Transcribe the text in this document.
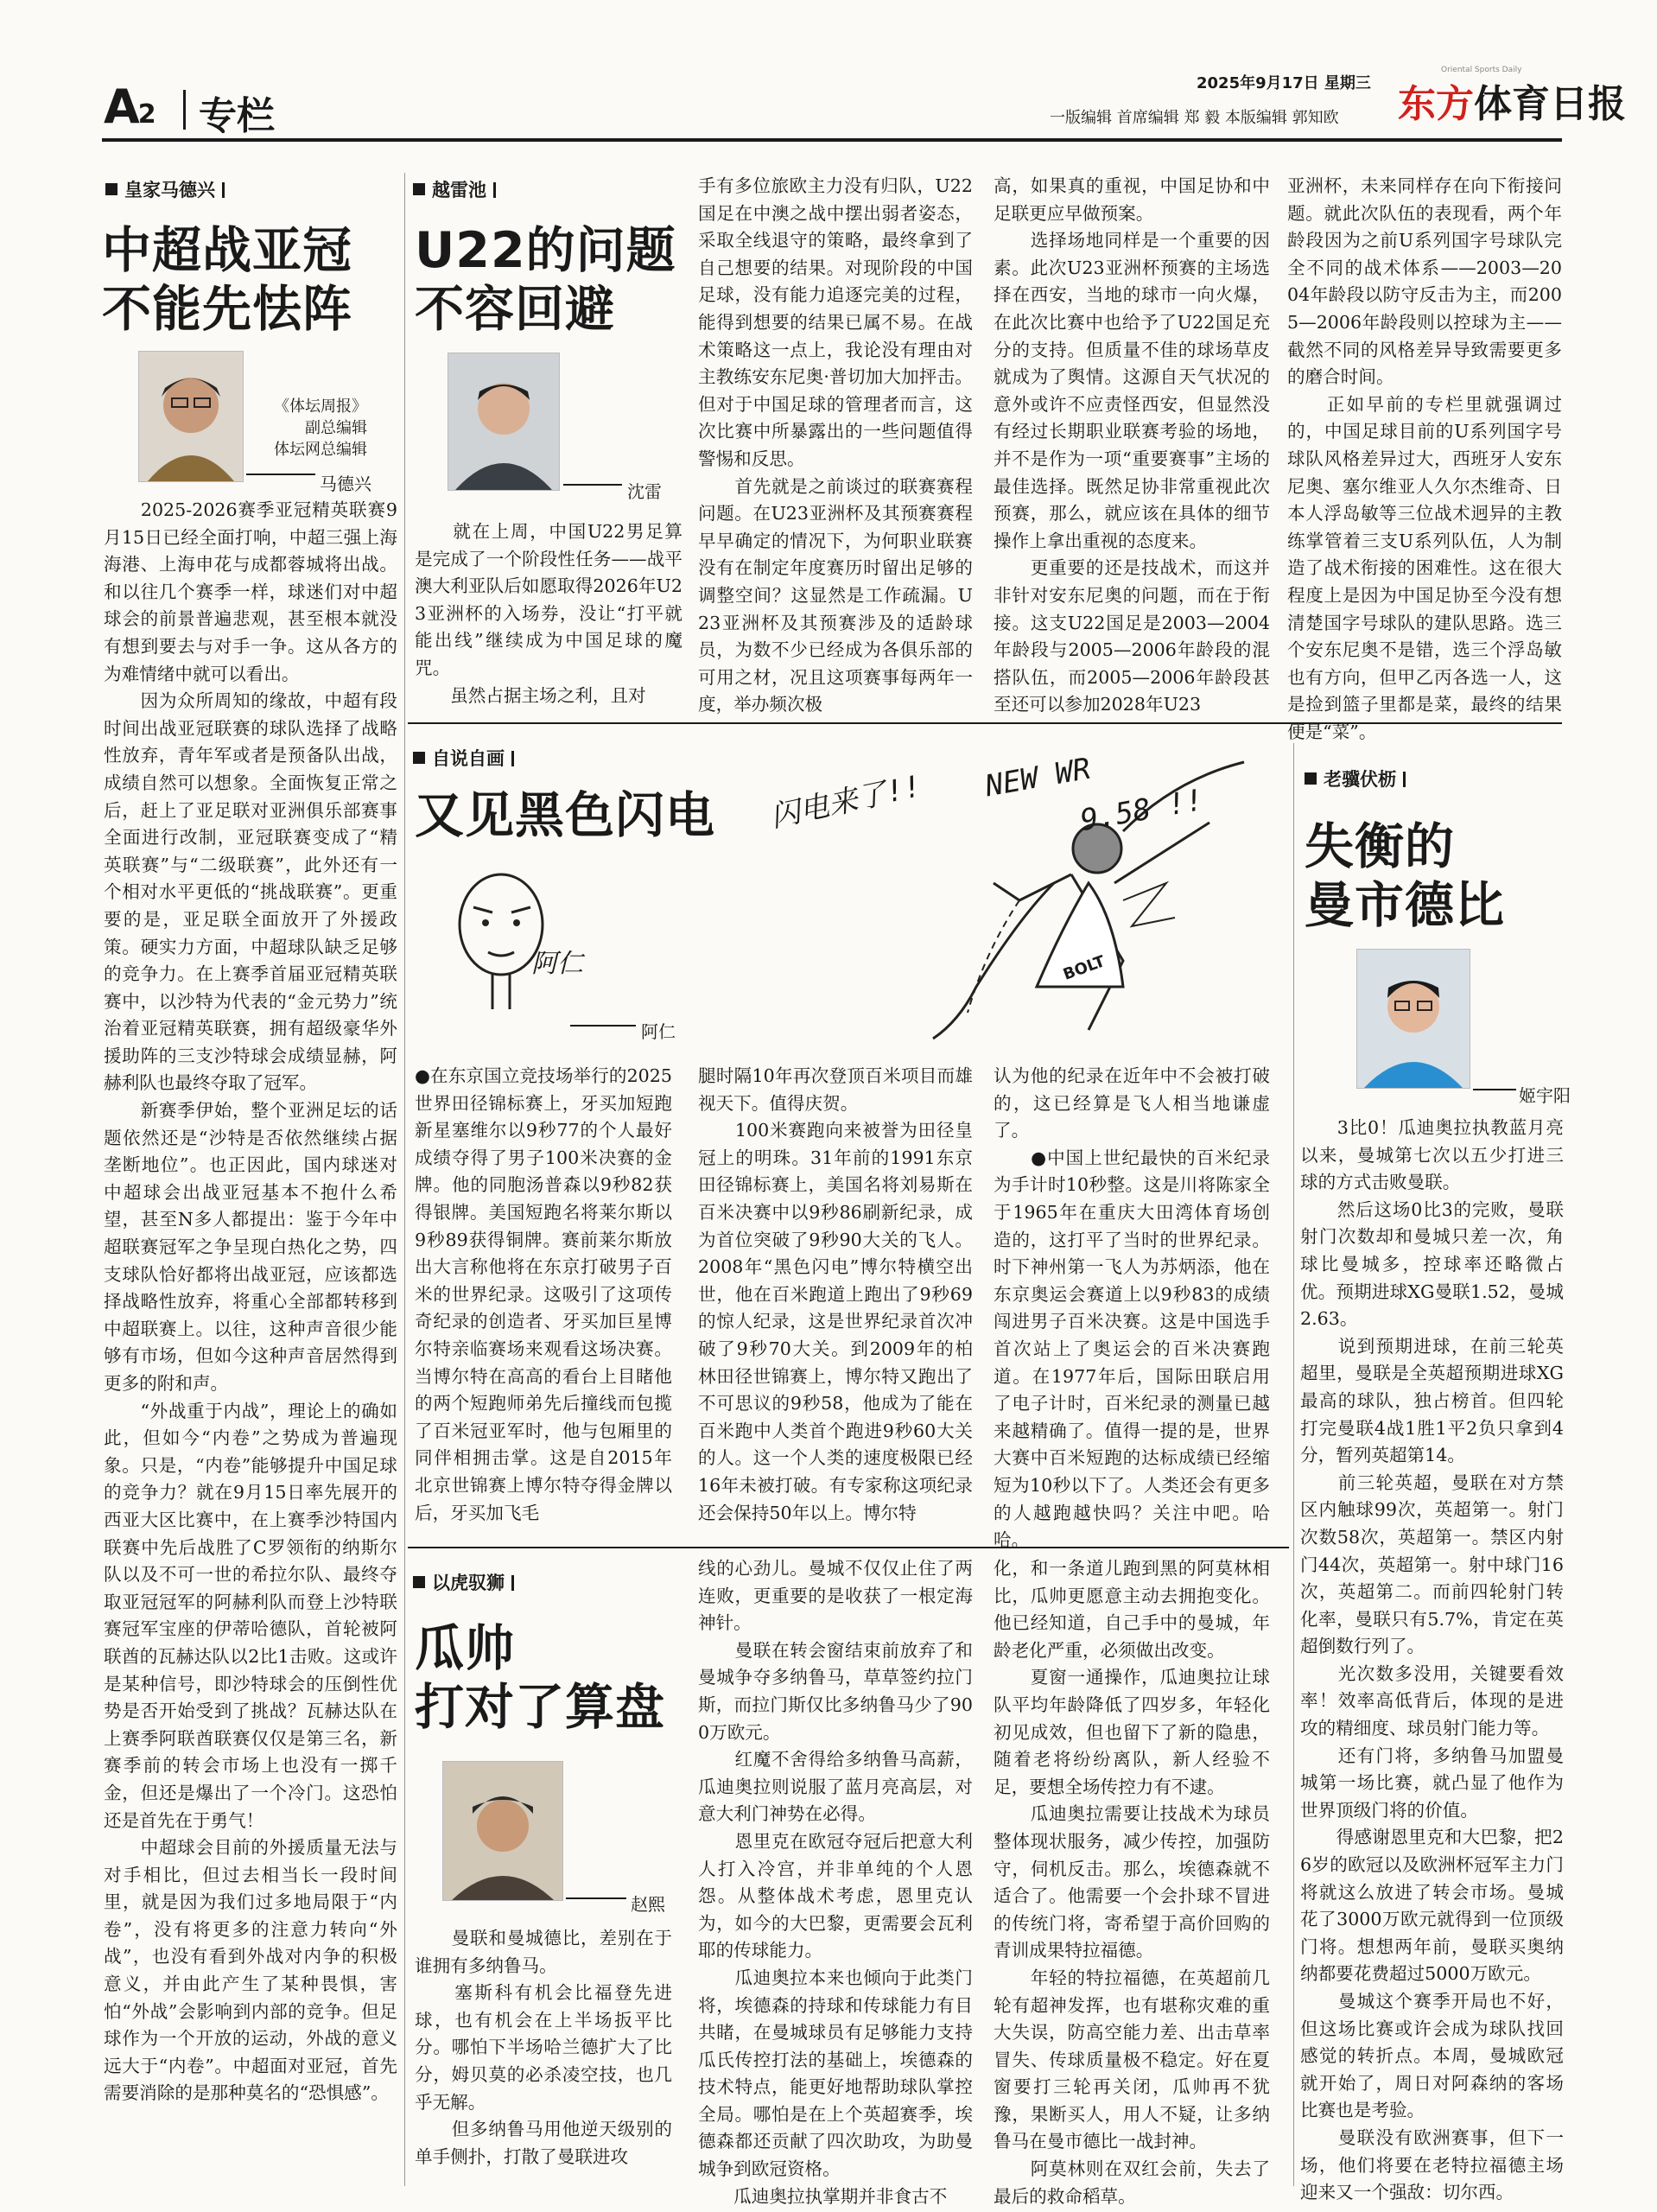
A2 专栏
2025年9月17日 星期三
一版编辑 首席编辑 郑 毅 本版编辑 郭知欧
Oriental Sports Daily
东方体育日报
皇家马德兴
中超战亚冠
不能先怯阵
《体坛周报》
副总编辑
体坛网总编辑
马德兴
　　2025-2026赛季亚冠精英联赛9月15日已经全面打响，中超三强上海海港、上海申花与成都蓉城将出战。和以往几个赛季一样，球迷们对中超球会的前景普遍悲观，甚至根本就没有想到要去与对手一争。这从各方的为难情绪中就可以看出。
　　因为众所周知的缘故，中超有段时间出战亚冠联赛的球队选择了战略性放弃，青年军或者是预备队出战，成绩自然可以想象。全面恢复正常之后，赶上了亚足联对亚洲俱乐部赛事全面进行改制，亚冠联赛变成了“精英联赛”与“二级联赛”，此外还有一个相对水平更低的“挑战联赛”。更重要的是，亚足联全面放开了外援政策。硬实力方面，中超球队缺乏足够的竞争力。在上赛季首届亚冠精英联赛中，以沙特为代表的“金元势力”统治着亚冠精英联赛，拥有超级豪华外援助阵的三支沙特球会成绩显赫，阿赫利队也最终夺取了冠军。
　　新赛季伊始，整个亚洲足坛的话题依然还是“沙特是否依然继续占据垄断地位”。也正因此，国内球迷对中超球会出战亚冠基本不抱什么希望，甚至N多人都提出：鉴于今年中超联赛冠军之争呈现白热化之势，四支球队恰好都将出战亚冠，应该都选择战略性放弃，将重心全部都转移到中超联赛上。以往，这种声音很少能够有市场，但如今这种声音居然得到更多的附和声。
　　“外战重于内战”，理论上的确如此，但如今“内卷”之势成为普遍现象。只是，“内卷”能够提升中国足球的竞争力？就在9月15日率先展开的西亚大区比赛中，在上赛季沙特国内联赛中先后战胜了C罗领衔的纳斯尔队以及不可一世的希拉尔队、最终夺取亚冠冠军的阿赫利队而登上沙特联赛冠军宝座的伊蒂哈德队，首轮被阿联酋的瓦赫达队以2比1击败。这或许是某种信号，即沙特球会的压倒性优势是否开始受到了挑战？瓦赫达队在上赛季阿联酋联赛仅仅是第三名，新赛季前的转会市场上也没有一掷千金，但还是爆出了一个冷门。这恐怕还是首先在于勇气！
　　中超球会目前的外援质量无法与对手相比，但过去相当长一段时间里，就是因为我们过多地局限于“内卷”，没有将更多的注意力转向“外战”，也没有看到外战对内争的积极意义，并由此产生了某种畏惧，害怕“外战”会影响到内部的竞争。但足球作为一个开放的运动，外战的意义远大于“内卷”。中超面对亚冠，首先需要消除的是那种莫名的“恐惧感”。
越雷池
U22的问题
不容回避
沈雷
　　就在上周，中国U22男足算是完成了一个阶段性任务——战平澳大利亚队后如愿取得2026年U23亚洲杯的入场券，没让“打平就能出线”继续成为中国足球的魔咒。
　　虽然占据主场之利，且对
手有多位旅欧主力没有归队，U22国足在中澳之战中摆出弱者姿态，采取全线退守的策略，最终拿到了自己想要的结果。对现阶段的中国足球，没有能力追逐完美的过程，能得到想要的结果已属不易。在战术策略这一点上，我论没有理由对主教练安东尼奥·普切加大加抨击。但对于中国足球的管理者而言，这次比赛中所暴露出的一些问题值得警惕和反思。
　　首先就是之前谈过的联赛赛程问题。在U23亚洲杯及其预赛赛程早早确定的情况下，为何职业联赛没有在制定年度赛历时留出足够的调整空间？这显然是工作疏漏。U23亚洲杯及其预赛涉及的适龄球员，为数不少已经成为各俱乐部的可用之材，况且这项赛事每两年一度，举办频次极
高，如果真的重视，中国足协和中足联更应早做预案。
　　选择场地同样是一个重要的因素。此次U23亚洲杯预赛的主场选择在西安，当地的球市一向火爆，在此次比赛中也给予了U22国足充分的支持。但质量不佳的球场草皮就成为了舆情。这源自天气状况的意外或许不应责怪西安，但显然没有经过长期职业联赛考验的场地，并不是作为一项“重要赛事”主场的最佳选择。既然足协非常重视此次预赛，那么，就应该在具体的细节操作上拿出重视的态度来。
　　更重要的还是技战术，而这并非针对安东尼奥的问题，而在于衔接。这支U22国足是2003—2004年龄段与2005—2006年龄段的混搭队伍，而2005—2006年龄段甚至还可以参加2028年U23
亚洲杯，未来同样存在向下衔接问题。就此次队伍的表现看，两个年龄段因为之前U系列国字号球队完全不同的战术体系——2003—2004年龄段以防守反击为主，而2005—2006年龄段则以控球为主——截然不同的风格差异导致需要更多的磨合时间。
　　正如早前的专栏里就强调过的，中国足球目前的U系列国字号球队风格差异过大，西班牙人安东尼奥、塞尔维亚人久尔杰维奇、日本人浮岛敏等三位战术迥异的主教练掌管着三支U系列队伍，人为制造了战术衔接的困难性。这在很大程度上是因为中国足协至今没有想清楚国字号球队的建队思路。选三个安东尼奥不是错，选三个浮岛敏也有方向，但甲乙丙各选一人，这是捡到篮子里都是菜，最终的结果便是“菜”。
自说自画
又见黑色闪电
阿仁
阿仁
闪电来了!! NEW WR
9.58 !!
BOLT
●在东京国立竞技场举行的2025世界田径锦标赛上，牙买加短跑新星塞维尔以9秒77的个人最好成绩夺得了男子100米决赛的金牌。他的同胞汤普森以9秒82获得银牌。美国短跑名将莱尔斯以9秒89获得铜牌。赛前莱尔斯放出大言称他将在东京打破男子百米的世界纪录。这吸引了这项传奇纪录的创造者、牙买加巨星博尔特亲临赛场来观看这场决赛。当博尔特在高高的看台上目睹他的两个短跑师弟先后撞线而包揽了百米冠亚军时，他与包厢里的同伴相拥击掌。这是自2015年北京世锦赛上博尔特夺得金牌以后，牙买加飞毛
腿时隔10年再次登顶百米项目而雄视天下。值得庆贺。
　　100米赛跑向来被誉为田径皇冠上的明珠。31年前的1991东京田径锦标赛上，美国名将刘易斯在百米决赛中以9秒86刷新纪录，成为首位突破了9秒90大关的飞人。2008年“黑色闪电”博尔特横空出世，他在百米跑道上跑出了9秒69的惊人纪录，这是世界纪录首次冲破了9秒70大关。到2009年的柏林田径世锦赛上，博尔特又跑出了不可思议的9秒58，他成为了能在百米跑中人类首个跑进9秒60大关的人。这一个人类的速度极限已经16年未被打破。有专家称这项纪录还会保持50年以上。博尔特
认为他的纪录在近年中不会被打破的，这已经算是飞人相当地谦虚了。
　　●中国上世纪最快的百米纪录为手计时10秒整。这是川将陈家全于1965年在重庆大田湾体育场创造的，这打平了当时的世界纪录。时下神州第一飞人为苏炳添，他在东京奥运会赛道上以9秒83的成绩闯进男子百米决赛。这是中国选手首次站上了奥运会的百米决赛跑道。在1977年后，国际田联启用了电子计时，百米纪录的测量已越来越精确了。值得一提的是，世界大赛中百米短跑的达标成绩已经缩短为10秒以下了。人类还会有更多的人越跑越快吗？关注中吧。哈哈。
老骥伏枥
失衡的
曼市德比
姬宇阳
　　3比0！瓜迪奥拉执教蓝月亮以来，曼城第七次以五少打进三球的方式击败曼联。
　　然后这场0比3的完败，曼联射门次数却和曼城只差一次，角球比曼城多，控球率还略微占优。预期进球XG曼联1.52，曼城2.63。
　　说到预期进球，在前三轮英超里，曼联是全英超预期进球XG最高的球队，独占榜首。但四轮打完曼联4战1胜1平2负只拿到4分，暂列英超第14。
　　前三轮英超，曼联在对方禁区内触球99次，英超第一。射门次数58次，英超第一。禁区内射门44次，英超第一。射中球门16次，英超第二。而前四轮射门转化率，曼联只有5.7%，肯定在英超倒数行列了。
　　光次数多没用，关键要看效率！效率高低背后，体现的是进攻的精细度、球员射门能力等。
　　还有门将，多纳鲁马加盟曼城第一场比赛，就凸显了他作为世界顶级门将的价值。
　　得感谢恩里克和大巴黎，把26岁的欧冠以及欧洲杯冠军主力门将就这么放进了转会市场。曼城花了3000万欧元就得到一位顶级门将。想想两年前，曼联买奥纳纳都要花费超过5000万欧元。
　　曼城这个赛季开局也不好，但这场比赛或许会成为球队找回感觉的转折点。本周，曼城欧冠就开始了，周日对阿森纳的客场比赛也是考验。
　　曼联没有欧洲赛事，但下一场，他们将要在老特拉福德主场迎来又一个强敌：切尔西。
以虎驭狮
瓜帅
打对了算盘
赵熙
　　曼联和曼城德比，差别在于谁拥有多纳鲁马。
　　塞斯科有机会比福登先进球，也有机会在上半场扳平比分。哪怕下半场哈兰德扩大了比分，姆贝莫的必杀凌空技，也几乎无解。
　　但多纳鲁马用他逆天级别的单手侧扑，打散了曼联进攻
线的心劲儿。曼城不仅仅止住了两连败，更重要的是收获了一根定海神针。
　　曼联在转会窗结束前放弃了和曼城争夺多纳鲁马，草草签约拉门斯，而拉门斯仅比多纳鲁马少了900万欧元。
　　红魔不舍得给多纳鲁马高薪，瓜迪奥拉则说服了蓝月亮高层，对意大利门神势在必得。
　　恩里克在欧冠夺冠后把意大利人打入冷宫，并非单纯的个人恩怨。从整体战术考虑，恩里克认为，如今的大巴黎，更需要会瓦利耶的传球能力。
　　瓜迪奥拉本来也倾向于此类门将，埃德森的持球和传球能力有目共睹，在曼城球员有足够能力支持瓜氏传控打法的基础上，埃德森的技术特点，能更好地帮助球队掌控全局。哪怕是在上个英超赛季，埃德森都还贡献了四次助攻，为助曼城争到欧冠资格。
　　瓜迪奥拉执掌期并非食古不
化，和一条道儿跑到黑的阿莫林相比，瓜帅更愿意主动去拥抱变化。他已经知道，自己手中的曼城，年龄老化严重，必须做出改变。
　　夏窗一通操作，瓜迪奥拉让球队平均年龄降低了四岁多，年轻化初见成效，但也留下了新的隐患，随着老将纷纷离队，新人经验不足，要想全场传控力有不逮。
　　瓜迪奥拉需要让技战术为球员整体现状服务，减少传控，加强防守，伺机反击。那么，埃德森就不适合了。他需要一个会扑球不冒进的传统门将，寄希望于高价回购的青训成果特拉福德。
　　年轻的特拉福德，在英超前几轮有超神发挥，也有堪称灾难的重大失误，防高空能力差、出击草率冒失、传球质量极不稳定。好在夏窗要打三轮再关闭，瓜帅再不犹豫，果断买人，用人不疑，让多纳鲁马在曼市德比一战封神。
　　阿莫林则在双红会前，失去了最后的救命稻草。
